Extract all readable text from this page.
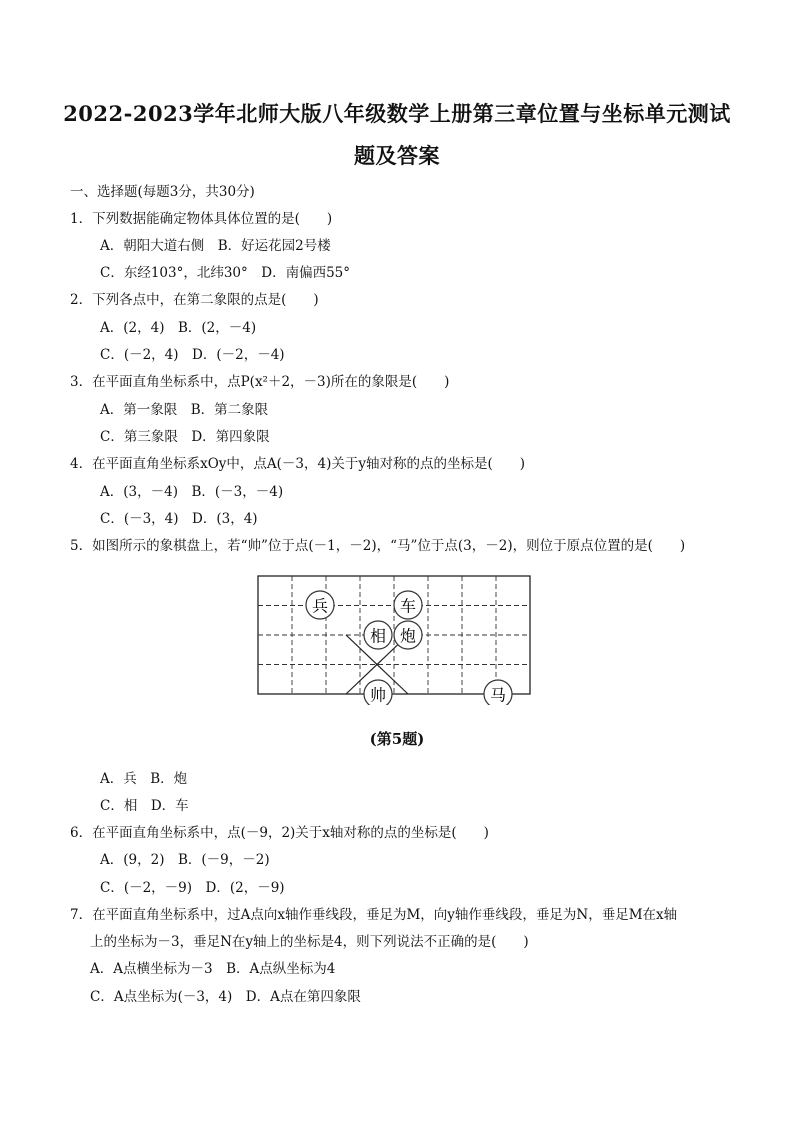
2022-2023学年北师大版八年级数学上册第三章位置与坐标单元测试
题及答案
一、选择题(每题3分，共30分)
1．下列数据能确定物体具体位置的是(　　)
A．朝阳大道右侧　B．好运花园2号楼
C．东经103°，北纬30°　D．南偏西55°
2．下列各点中，在第二象限的点是(　　)
A．(2，4)　B．(2，－4)
C．(－2，4)　D．(－2，－4)
3．在平面直角坐标系中，点P(x²＋2，－3)所在的象限是(　　)
A．第一象限　B．第二象限
C．第三象限　D．第四象限
4．在平面直角坐标系xOy中，点A(－3，4)关于y轴对称的点的坐标是(　　)
A．(3，－4)　B．(－3，－4)
C．(－3，4)　D．(3，4)
5．如图所示的象棋盘上，若“帅”位于点(－1，－2)，“马”位于点(3，－2)，则位于原点位置的是(　　)
兵	车
相 炮
帅	马
(第5题)
A．兵　B．炮
C．相　D．车
6．在平面直角坐标系中，点(－9，2)关于x轴对称的点的坐标是(　　)
A．(9，2)　B．(－9，－2)
C．(－2，－9)　D．(2，－9)
7．在平面直角坐标系中，过A点向x轴作垂线段，垂足为M，向y轴作垂线段，垂足为N，垂足M在x轴
上的坐标为－3，垂足N在y轴上的坐标是4，则下列说法不正确的是(　　)
A．A点横坐标为－3　B．A点纵坐标为4
C．A点坐标为(－3，4)　D．A点在第四象限
